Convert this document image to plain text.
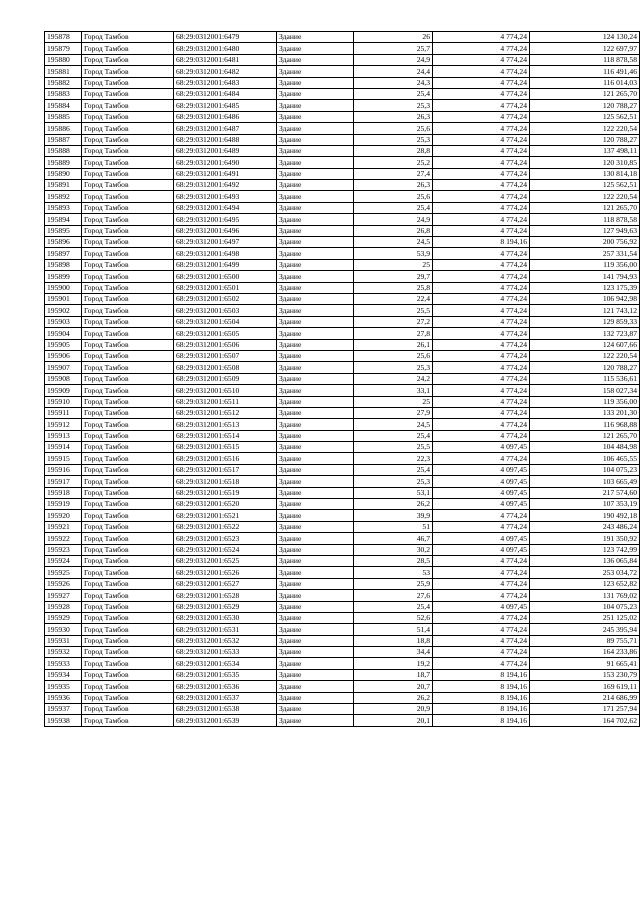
195878	Город Тамбов	68:29:0312001:6479	Здание	26	4 774,24	124 130,24
195879	Город Тамбов	68:29:0312001:6480	Здание	25,7	4 774,24	122 697,97
195880	Город Тамбов	68:29:0312001:6481	Здание	24,9	4 774,24	118 878,58
195881	Город Тамбов	68:29:0312001:6482	Здание	24,4	4 774,24	116 491,46
195882	Город Тамбов	68:29:0312001:6483	Здание	24,3	4 774,24	116 014,03
195883	Город Тамбов	68:29:0312001:6484	Здание	25,4	4 774,24	121 265,70
195884	Город Тамбов	68:29:0312001:6485	Здание	25,3	4 774,24	120 788,27
195885	Город Тамбов	68:29:0312001:6486	Здание	26,3	4 774,24	125 562,51
195886	Город Тамбов	68:29:0312001:6487	Здание	25,6	4 774,24	122 220,54
195887	Город Тамбов	68:29:0312001:6488	Здание	25,3	4 774,24	120 788,27
195888	Город Тамбов	68:29:0312001:6489	Здание	28,8	4 774,24	137 498,11
195889	Город Тамбов	68:29:0312001:6490	Здание	25,2	4 774,24	120 310,85
195890	Город Тамбов	68:29:0312001:6491	Здание	27,4	4 774,24	130 814,18
195891	Город Тамбов	68:29:0312001:6492	Здание	26,3	4 774,24	125 562,51
195892	Город Тамбов	68:29:0312001:6493	Здание	25,6	4 774,24	122 220,54
195893	Город Тамбов	68:29:0312001:6494	Здание	25,4	4 774,24	121 265,70
195894	Город Тамбов	68:29:0312001:6495	Здание	24,9	4 774,24	118 878,58
195895	Город Тамбов	68:29:0312001:6496	Здание	26,8	4 774,24	127 949,63
195896	Город Тамбов	68:29:0312001:6497	Здание	24,5	8 194,16	200 756,92
195897	Город Тамбов	68:29:0312001:6498	Здание	53,9	4 774,24	257 331,54
195898	Город Тамбов	68:29:0312001:6499	Здание	25	4 774,24	119 356,00
195899	Город Тамбов	68:29:0312001:6500	Здание	29,7	4 774,24	141 794,93
195900	Город Тамбов	68:29:0312001:6501	Здание	25,8	4 774,24	123 175,39
195901	Город Тамбов	68:29:0312001:6502	Здание	22,4	4 774,24	106 942,98
195902	Город Тамбов	68:29:0312001:6503	Здание	25,5	4 774,24	121 743,12
195903	Город Тамбов	68:29:0312001:6504	Здание	27,2	4 774,24	129 859,33
195904	Город Тамбов	68:29:0312001:6505	Здание	27,8	4 774,24	132 723,87
195905	Город Тамбов	68:29:0312001:6506	Здание	26,1	4 774,24	124 607,66
195906	Город Тамбов	68:29:0312001:6507	Здание	25,6	4 774,24	122 220,54
195907	Город Тамбов	68:29:0312001:6508	Здание	25,3	4 774,24	120 788,27
195908	Город Тамбов	68:29:0312001:6509	Здание	24,2	4 774,24	115 536,61
195909	Город Тамбов	68:29:0312001:6510	Здание	33,1	4 774,24	158 027,34
195910	Город Тамбов	68:29:0312001:6511	Здание	25	4 774,24	119 356,00
195911	Город Тамбов	68:29:0312001:6512	Здание	27,9	4 774,24	133 201,30
195912	Город Тамбов	68:29:0312001:6513	Здание	24,5	4 774,24	116 968,88
195913	Город Тамбов	68:29:0312001:6514	Здание	25,4	4 774,24	121 265,70
195914	Город Тамбов	68:29:0312001:6515	Здание	25,5	4 097,45	104 484,98
195915	Город Тамбов	68:29:0312001:6516	Здание	22,3	4 774,24	106 465,55
195916	Город Тамбов	68:29:0312001:6517	Здание	25,4	4 097,45	104 075,23
195917	Город Тамбов	68:29:0312001:6518	Здание	25,3	4 097,45	103 665,49
195918	Город Тамбов	68:29:0312001:6519	Здание	53,1	4 097,45	217 574,60
195919	Город Тамбов	68:29:0312001:6520	Здание	26,2	4 097,45	107 353,19
195920	Город Тамбов	68:29:0312001:6521	Здание	39,9	4 774,24	190 492,18
195921	Город Тамбов	68:29:0312001:6522	Здание	51	4 774,24	243 486,24
195922	Город Тамбов	68:29:0312001:6523	Здание	46,7	4 097,45	191 350,92
195923	Город Тамбов	68:29:0312001:6524	Здание	30,2	4 097,45	123 742,99
195924	Город Тамбов	68:29:0312001:6525	Здание	28,5	4 774,24	136 065,84
195925	Город Тамбов	68:29:0312001:6526	Здание	53	4 774,24	253 034,72
195926	Город Тамбов	68:29:0312001:6527	Здание	25,9	4 774,24	123 652,82
195927	Город Тамбов	68:29:0312001:6528	Здание	27,6	4 774,24	131 769,02
195928	Город Тамбов	68:29:0312001:6529	Здание	25,4	4 097,45	104 075,23
195929	Город Тамбов	68:29:0312001:6530	Здание	52,6	4 774,24	251 125,02
195930	Город Тамбов	68:29:0312001:6531	Здание	51,4	4 774,24	245 395,94
195931	Город Тамбов	68:29:0312001:6532	Здание	18,8	4 774,24	89 755,71
195932	Город Тамбов	68:29:0312001:6533	Здание	34,4	4 774,24	164 233,86
195933	Город Тамбов	68:29:0312001:6534	Здание	19,2	4 774,24	91 665,41
195934	Город Тамбов	68:29:0312001:6535	Здание	18,7	8 194,16	153 230,79
195935	Город Тамбов	68:29:0312001:6536	Здание	20,7	8 194,16	169 619,11
195936	Город Тамбов	68:29:0312001:6537	Здание	26,2	8 194,16	214 686,99
195937	Город Тамбов	68:29:0312001:6538	Здание	20,9	8 194,16	171 257,94
195938	Город Тамбов	68:29:0312001:6539	Здание	20,1	8 194,16	164 702,62
